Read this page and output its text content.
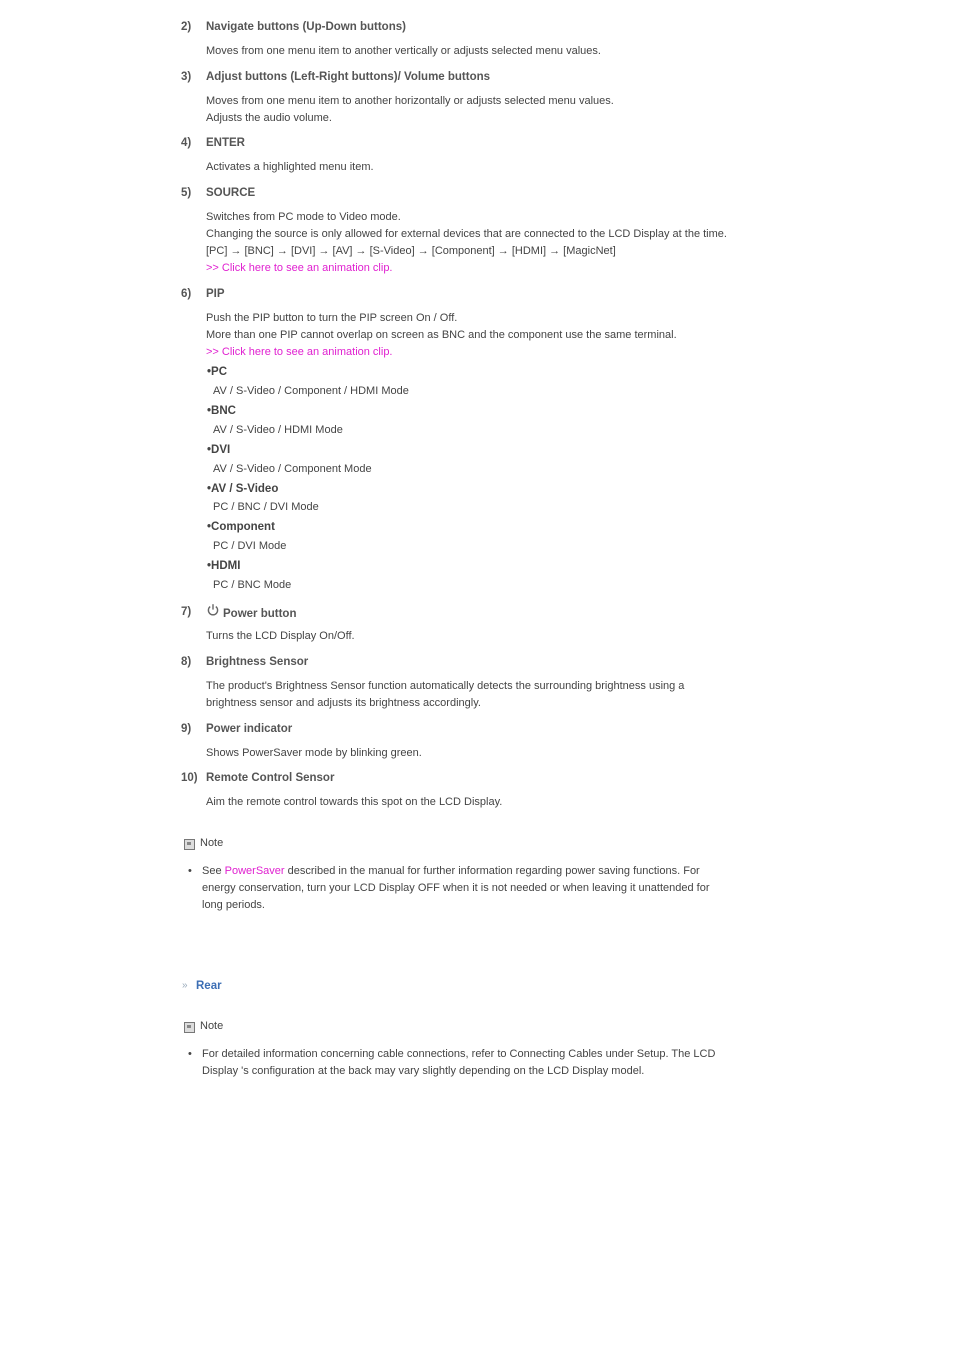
2) Navigate buttons (Up-Down buttons)
Moves from one menu item to another vertically or adjusts selected menu values.
3) Adjust buttons (Left-Right buttons)/ Volume buttons
Moves from one menu item to another horizontally or adjusts selected menu values.
Adjusts the audio volume.
4) ENTER
Activates a highlighted menu item.
5) SOURCE
Switches from PC mode to Video mode.
Changing the source is only allowed for external devices that are connected to the LCD Display at the time.
[PC] → [BNC] → [DVI] → [AV] → [S-Video] → [Component] → [HDMI] → [MagicNet]
>> Click here to see an animation clip.
6) PIP
Push the PIP button to turn the PIP screen On / Off.
More than one PIP cannot overlap on screen as BNC and the component use the same terminal.
>> Click here to see an animation clip.
•PC
AV / S-Video / Component / HDMI Mode
•BNC
AV / S-Video / HDMI Mode
•DVI
AV / S-Video / Component Mode
•AV / S-Video
PC / BNC / DVI Mode
•Component
PC / DVI Mode
•HDMI
PC / BNC Mode
7)	Power button
Turns the LCD Display On/Off.
8) Brightness Sensor
The product's Brightness Sensor function automatically detects the surrounding brightness using a
brightness sensor and adjusts its brightness accordingly.
9) Power indicator
Shows PowerSaver mode by blinking green.
10) Remote Control Sensor
Aim the remote control towards this spot on the LCD Display.
Note
• See PowerSaver described in the manual for further information regarding power saving functions. For
energy conservation, turn your LCD Display OFF when it is not needed or when leaving it unattended for
long periods.
» Rear
Note
• For detailed information concerning cable connections, refer to Connecting Cables under Setup. The LCD
Display 's configuration at the back may vary slightly depending on the LCD Display model.
